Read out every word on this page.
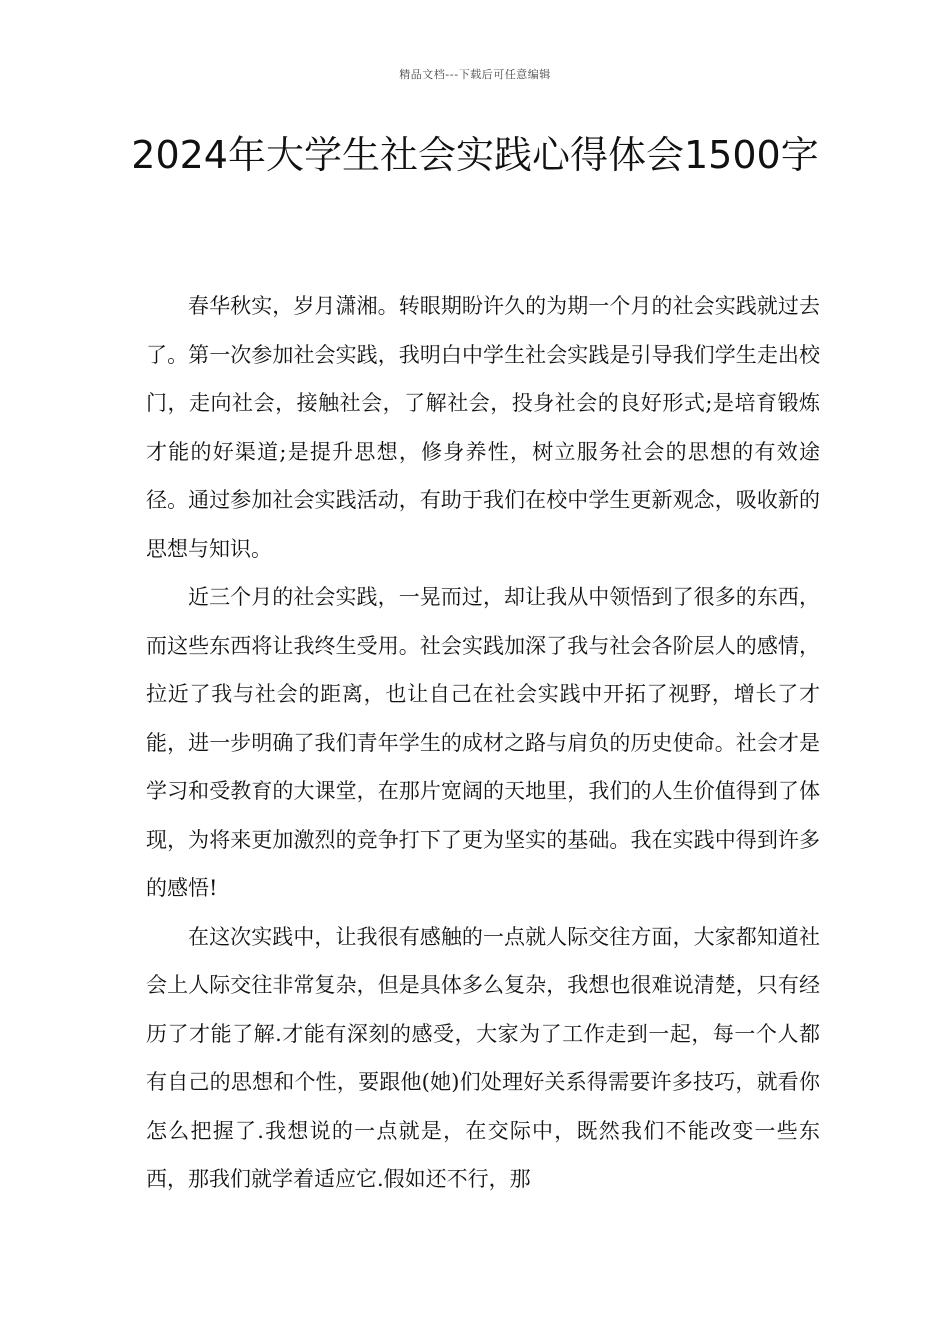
精品文档---下载后可任意编辑
2024年大学生社会实践心得体会1500字

春华秋实，岁月潇湘。转眼期盼许久的为期一个月的社会实践就过去了。第一次参加社会实践，我明白中学生社会实践是引导我们学生走出校门，走向社会，接触社会，了解社会，投身社会的良好形式;是培育锻炼才能的好渠道;是提升思想，修身养性，树立服务社会的思想的有效途径。通过参加社会实践活动，有助于我们在校中学生更新观念，吸收新的思想与知识。

近三个月的社会实践，一晃而过，却让我从中领悟到了很多的东西，而这些东西将让我终生受用。社会实践加深了我与社会各阶层人的感情，拉近了我与社会的距离，也让自己在社会实践中开拓了视野，增长了才能，进一步明确了我们青年学生的成材之路与肩负的历史使命。社会才是学习和受教育的大课堂，在那片宽阔的天地里，我们的人生价值得到了体现，为将来更加激烈的竞争打下了更为坚实的基础。我在实践中得到许多的感悟!

在这次实践中，让我很有感触的一点就人际交往方面，大家都知道社会上人际交往非常复杂，但是具体多么复杂，我想也很难说清楚，只有经历了才能了解.才能有深刻的感受，大家为了工作走到一起，每一个人都有自己的思想和个性，要跟他(她)们处理好关系得需要许多技巧，就看你怎么把握了.我想说的一点就是，在交际中，既然我们不能改变一些东西，那我们就学着适应它.假如还不行，那
